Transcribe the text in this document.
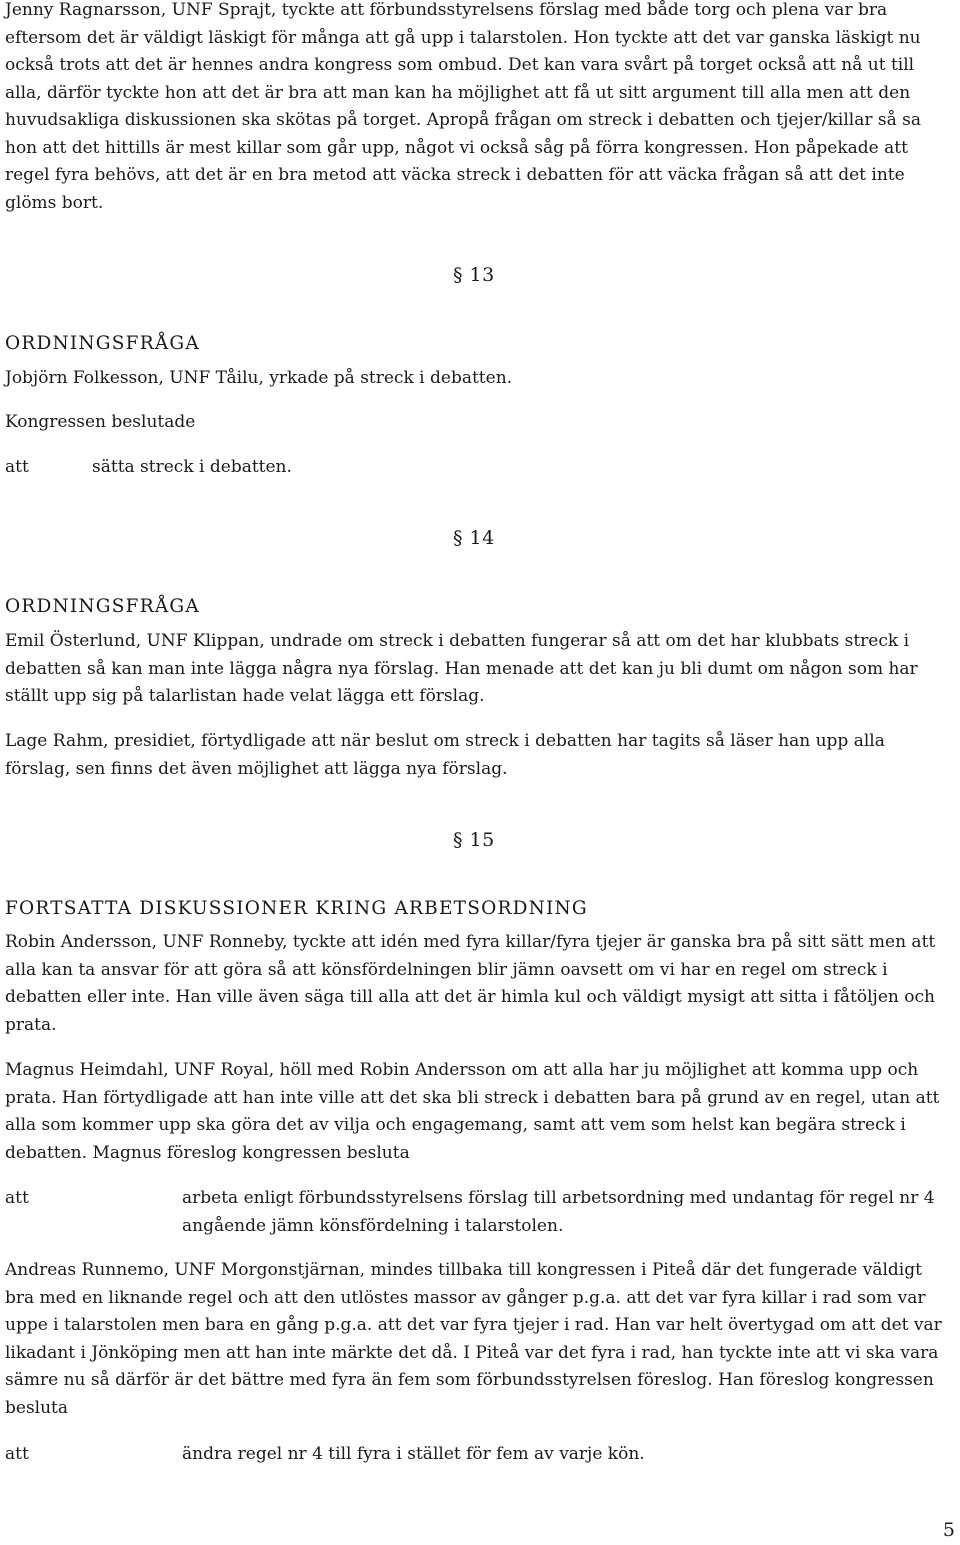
Jenny Ragnarsson, UNF Sprajt, tyckte att förbundsstyrelsens förslag med både torg och plena var bra eftersom det är väldigt läskigt för många att gå upp i talarstolen. Hon tyckte att det var ganska läskigt nu också trots att det är hennes andra kongress som ombud. Det kan vara svårt på torget också att nå ut till alla, därför tyckte hon att det är bra att man kan ha möjlighet att få ut sitt argument till alla men att den huvudsakliga diskussionen ska skötas på torget. Apropå frågan om streck i debatten och tjejer/killar så sa hon att det hittills är mest killar som går upp, något vi också såg på förra kongressen. Hon påpekade att regel fyra behövs, att det är en bra metod att väcka streck i debatten för att väcka frågan så att det inte glöms bort.

§ 13
ORDNINGSFRÅGA

Jobjörn Folkesson, UNF Tåilu, yrkade på streck i debatten.

Kongressen beslutade

att	sätta streck i debatten.
§ 14
ORDNINGSFRÅGA

Emil Österlund, UNF Klippan, undrade om streck i debatten fungerar så att om det har klubbats streck i debatten så kan man inte lägga några nya förslag. Han menade att det kan ju bli dumt om någon som har ställt upp sig på talarlistan hade velat lägga ett förslag.

Lage Rahm, presidiet, förtydligade att när beslut om streck i debatten har tagits så läser han upp alla förslag, sen finns det även möjlighet att lägga nya förslag.

§ 15
FORTSATTA DISKUSSIONER KRING ARBETSORDNING

Robin Andersson, UNF Ronneby, tyckte att idén med fyra killar/fyra tjejer är ganska bra på sitt sätt men att alla kan ta ansvar för att göra så att könsfördelningen blir jämn oavsett om vi har en regel om streck i debatten eller inte. Han ville även säga till alla att det är himla kul och väldigt mysigt att sitta i fåtöljen och prata.

Magnus Heimdahl, UNF Royal, höll med Robin Andersson om att alla har ju möjlighet att komma upp och prata. Han förtydligade att han inte ville att det ska bli streck i debatten bara på grund av en regel, utan att alla som kommer upp ska göra det av vilja och engagemang, samt att vem som helst kan begära streck i debatten. Magnus föreslog kongressen besluta

att	arbeta enligt förbundsstyrelsens förslag till arbetsordning med undantag för regel nr 4 angående jämn könsfördelning i talarstolen.

Andreas Runnemo, UNF Morgonstjärnan, mindes tillbaka till kongressen i Piteå där det fungerade väldigt bra med en liknande regel och att den utlöstes massor av gånger p.g.a. att det var fyra killar i rad som var uppe i talarstolen men bara en gång p.g.a. att det var fyra tjejer i rad. Han var helt övertygad om att det var likadant i Jönköping men att han inte märkte det då. I Piteå var det fyra i rad, han tyckte inte att vi ska vara sämre nu så därför är det bättre med fyra än fem som förbundsstyrelsen föreslog. Han föreslog kongressen besluta

att	ändra regel nr 4 till fyra i stället för fem av varje kön.
5
